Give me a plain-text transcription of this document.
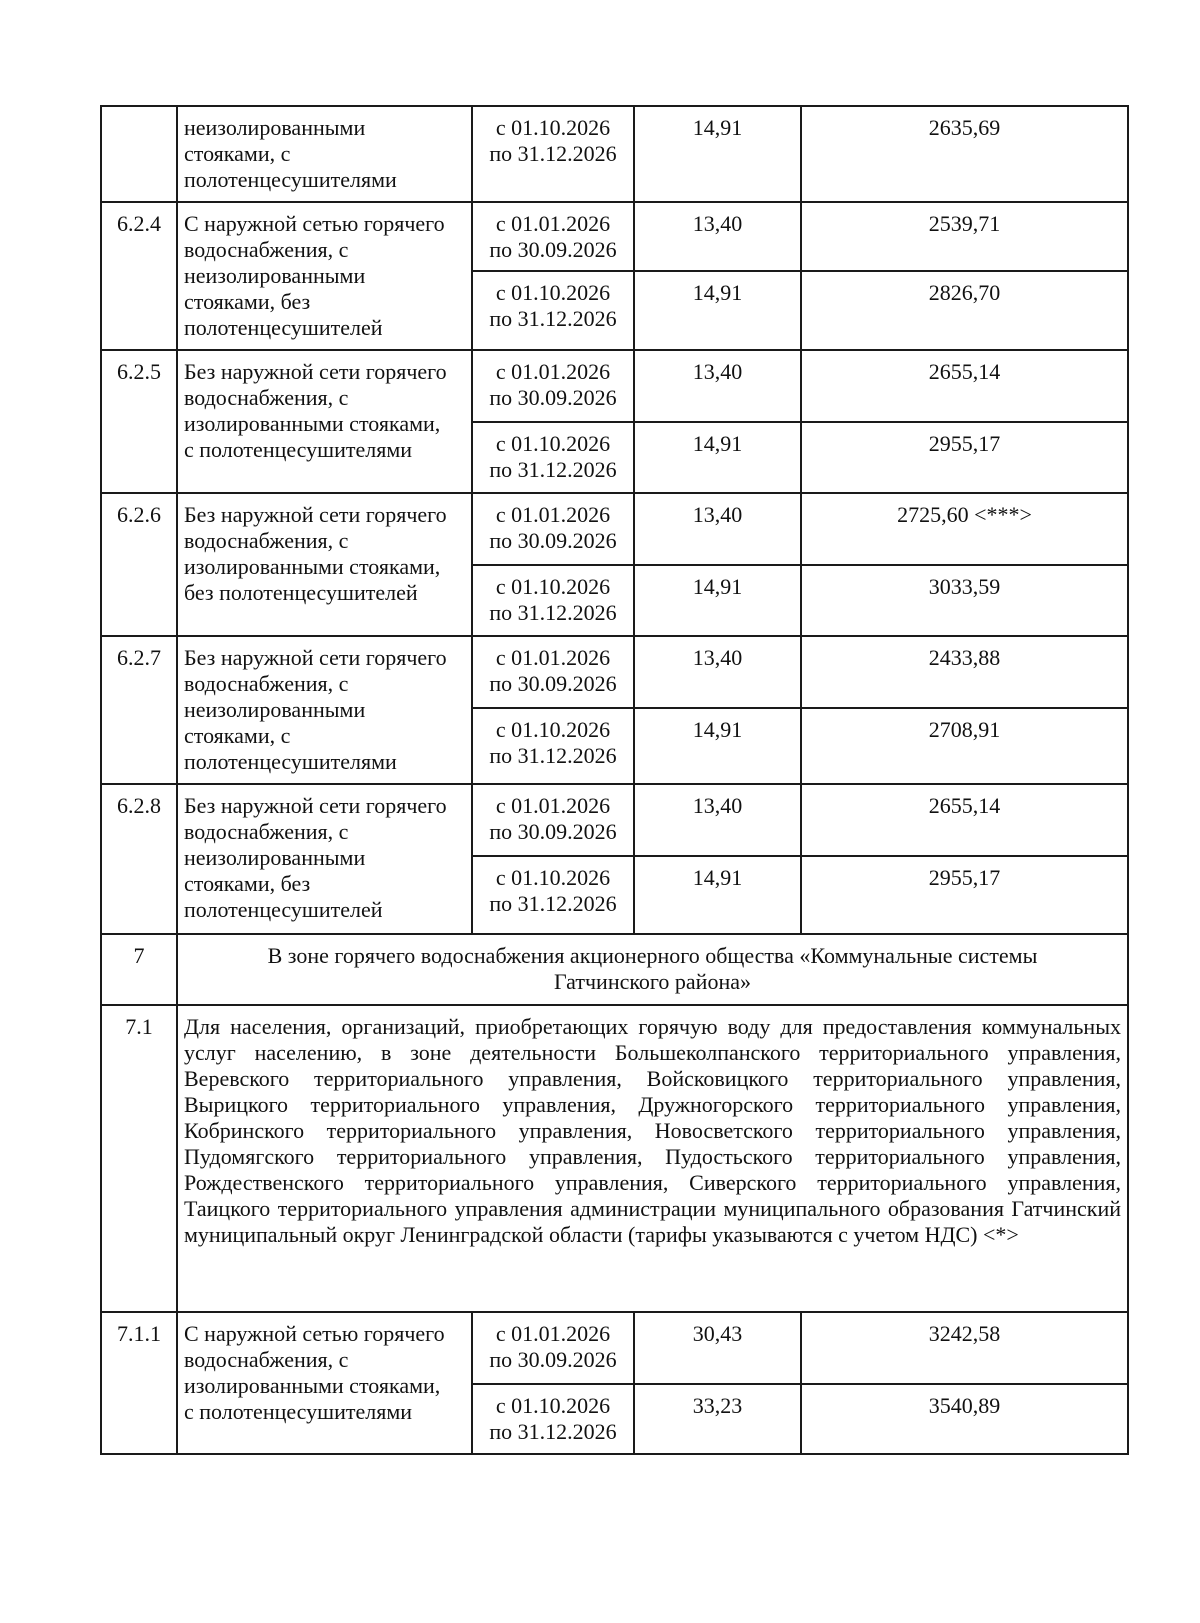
	неизолированными
стояками, с
полотенцесушителями	с 01.10.2026
по 31.12.2026	14,91	2635,69
6.2.4	С наружной сетью горячего
водоснабжения, с
неизолированными
стояками, без
полотенцесушителей	с 01.01.2026
по 30.09.2026	13,40	2539,71

		с 01.10.2026
по 31.12.2026	14,91	2826,70
6.2.5	Без наружной сети горячего
водоснабжения, с
изолированными стояками,
с полотенцесушителями	с 01.01.2026
по 30.09.2026	13,40	2655,14

		с 01.10.2026
по 31.12.2026	14,91	2955,17
6.2.6	Без наружной сети горячего
водоснабжения, с
изолированными стояками,
без полотенцесушителей	с 01.01.2026
по 30.09.2026	13,40	2725,60 <***>

		с 01.10.2026
по 31.12.2026	14,91	3033,59
6.2.7	Без наружной сети горячего
водоснабжения, с
неизолированными
стояками, с
полотенцесушителями	с 01.01.2026
по 30.09.2026	13,40	2433,88

		с 01.10.2026
по 31.12.2026	14,91	2708,91
6.2.8	Без наружной сети горячего
водоснабжения, с
неизолированными
стояками, без
полотенцесушителей	с 01.01.2026
по 30.09.2026	13,40	2655,14

		с 01.10.2026
по 31.12.2026	14,91	2955,17
7	В зоне горячего водоснабжения акционерного общества «Коммунальные системы
Гатчинского района»			

7.1	Для населения, организаций, приобретающих горячую воду для предоставления коммунальных услуг населению, в зоне деятельности Большеколпанского территориального управления, Веревского территориального управления, Войсковицкого территориального управления, Вырицкого территориального управления, Дружногорского территориального управления, Кобринского территориального управления, Новосветского территориального управления, Пудомягского территориального управления, Пудостьского территориального управления, Рождественского территориального управления, Сиверского территориального управления, Таицкого территориального управления администрации муниципального образования Гатчинский муниципальный округ Ленинградской области (тарифы указываются с учетом НДС) <*>			
7.1.1	С наружной сетью горячего
водоснабжения, с
изолированными стояками,
с полотенцесушителями	с 01.01.2026
по 30.09.2026	30,43	3242,58

		с 01.10.2026
по 31.12.2026	33,23	3540,89
